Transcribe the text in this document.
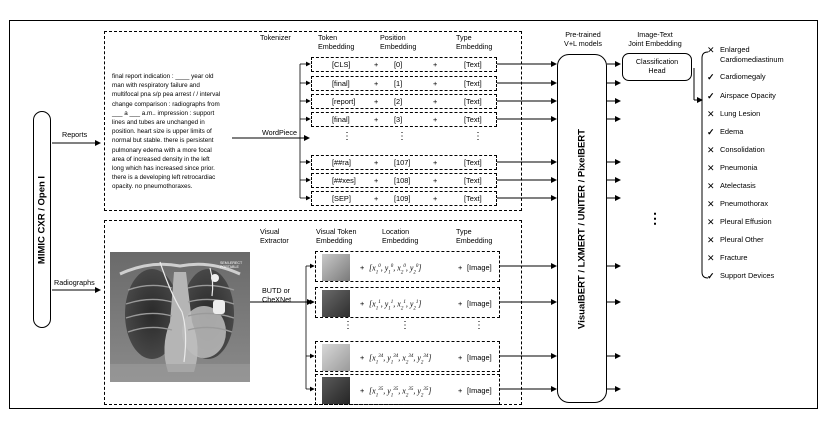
MIMIC CXR / Open I
Reports
Radiographs
Tokenizer	Token
Embedding
Position
Embedding
Type
Embedding
final report indication : ____ year old
man with respiratory failure and
multifocal pna s/p pea arrest / / interval
change comparison : radiographs from
___ a ___ a.m.. impression : support
lines and tubes are unchanged in
position. heart size is upper limits of
normal but stable. there is persistent
pulmonary edema with a more focal
area of increased density in the left
long which has increased since prior.
there is a developing left retrocardiac
opacity. no pneumothoraxes.
WordPiece
[CLS]	+ [0]	+	[Text]
[final]	+ [1]	+	[Text]
[report]	+ [2]	+	[Text]
[final]	+ [3]	+	[Text]
⋮	⋮	⋮
[##ra]	+ [107]	+	[Text]
[##xes] + [108]	+	[Text]
[SEP]	+ [109]	+	[Text]
Visual
Extractor
Visual Token
Embedding
Location
Embedding
Type
Embedding
SEMI-ERECT
PORTABLE
BUTD or
CheXNet
+ [$x_1^0$, $y_1^0$, $x_2^0$, $y_2^0$]	+ [Image]
+ [$x_1^1$, $y_1^1$, $x_2^1$, $y_2^1$]	+ [Image]
+ [$x_1^{34}$, $y_1^{34}$, $x_2^{34}$, $y_2^{34}$]	+ [Image]
+ [$x_1^{35}$, $y_1^{35}$, $x_2^{35}$, $y_2^{35}$]	+ [Image]
⋮	⋮	⋮
Pre-trained
V+L models
VisualBERT / LXMERT / UNITER / PixelBERT
Image-Text
Joint Embedding
Classification
Head
⋮
✕ Enlarged
Cardiomediastinum
✓ Cardiomegaly
✓ Airspace Opacity
✕ Lung Lesion
✓ Edema
✕ Consolidation
✕ Pneumonia
✕ Atelectasis
✕ Pneumothorax
✕ Pleural Effusion
✕ Pleural Other
✕ Fracture
✓ Support Devices
